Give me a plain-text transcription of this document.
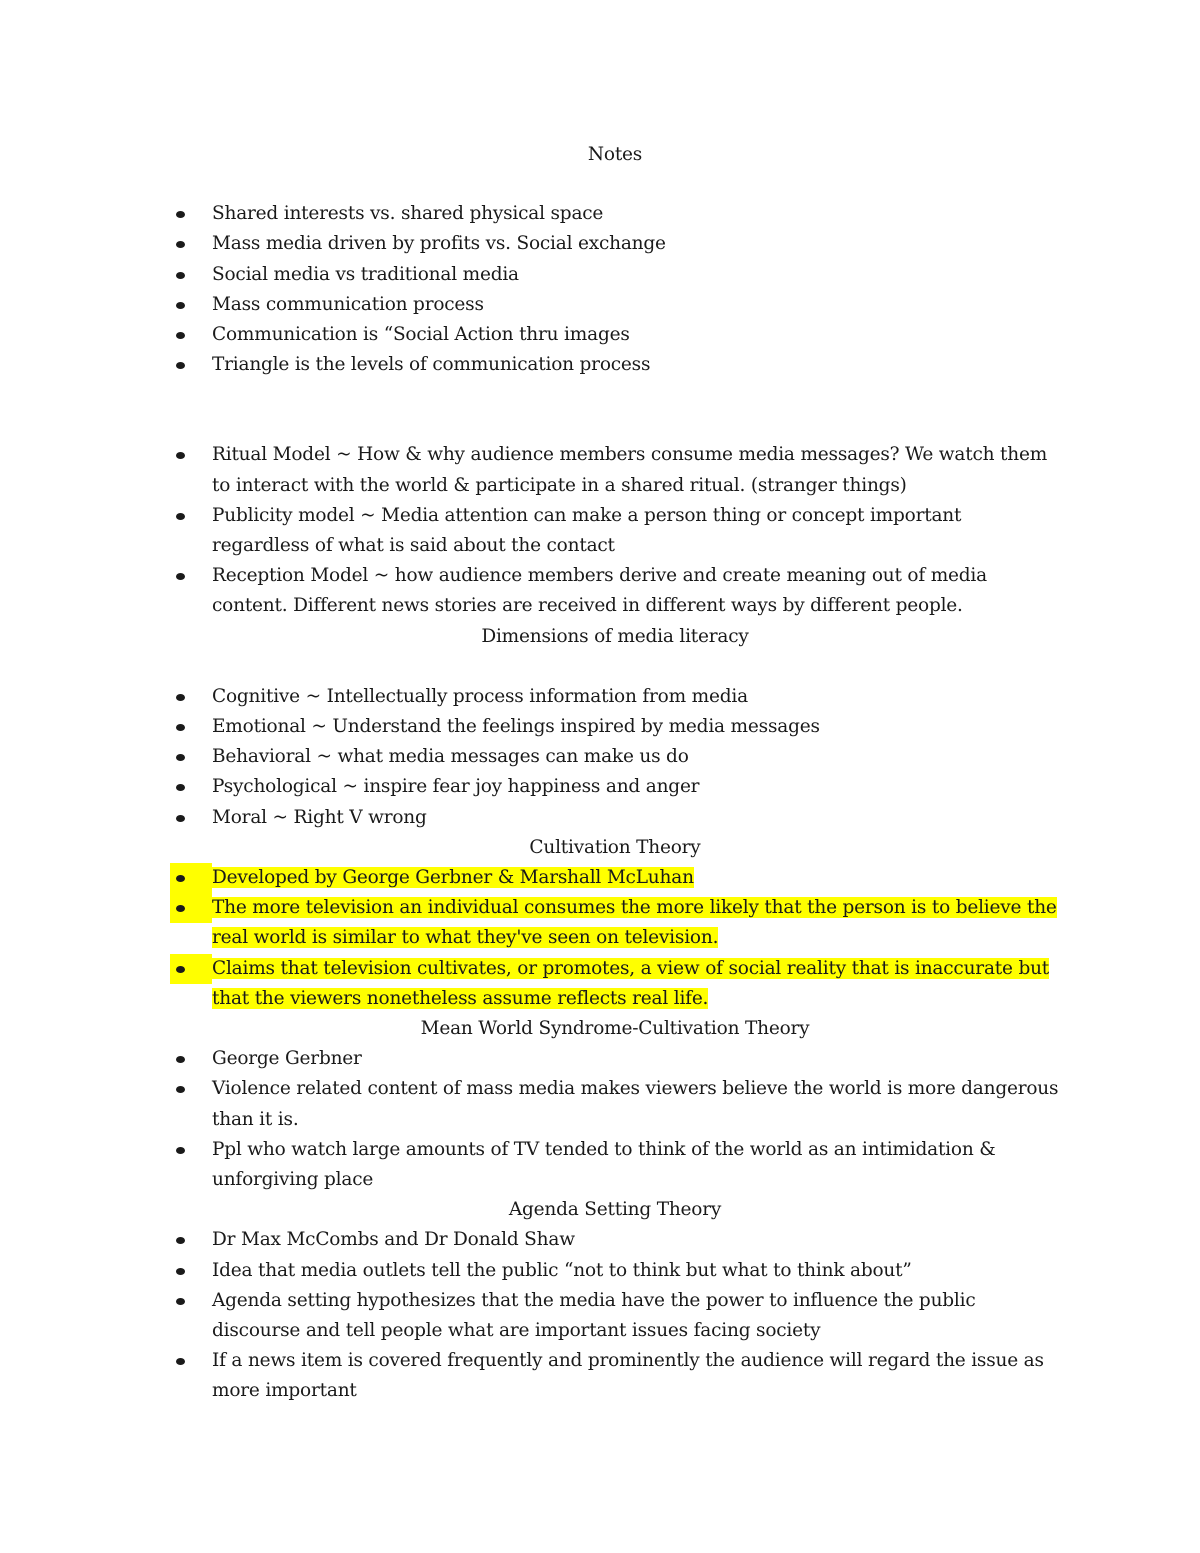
Notes

Shared interests vs. shared physical space
Mass media driven by profits vs. Social exchange
Social media vs traditional media
Mass communication process
Communication is “Social Action thru images
Triangle is the levels of communication process
Ritual Model ~ How & why audience members consume media messages? We watch them to interact with the world & participate in a shared ritual. (stranger things)
Publicity model ~ Media attention can make a person thing or concept important regardless of what is said about the contact
Reception Model ~ how audience members derive and create meaning out of media content. Different news stories are received in different ways by different people.

Dimensions of media literacy

Cognitive ~ Intellectually process information from media
Emotional ~ Understand the feelings inspired by media messages
Behavioral ~ what media messages can make us do
Psychological ~ inspire fear joy happiness and anger
Moral ~ Right V wrong

Cultivation Theory

Developed by George Gerbner & Marshall McLuhan
The more television an individual consumes the more likely that the person is to believe the real world is similar to what they've seen on television.
Claims that television cultivates, or promotes, a view of social reality that is inaccurate but that the viewers nonetheless assume reflects real life.

Mean World Syndrome-Cultivation Theory

George Gerbner
Violence related content of mass media makes viewers believe the world is more dangerous than it is.
Ppl who watch large amounts of TV tended to think of the world as an intimidation & unforgiving place

Agenda Setting Theory

Dr Max McCombs and Dr Donald Shaw
Idea that media outlets tell the public “not to think but what to think about”
Agenda setting hypothesizes that the media have the power to influence the public discourse and tell people what are important issues facing society
If a news item is covered frequently and prominently the audience will regard the issue as more important
